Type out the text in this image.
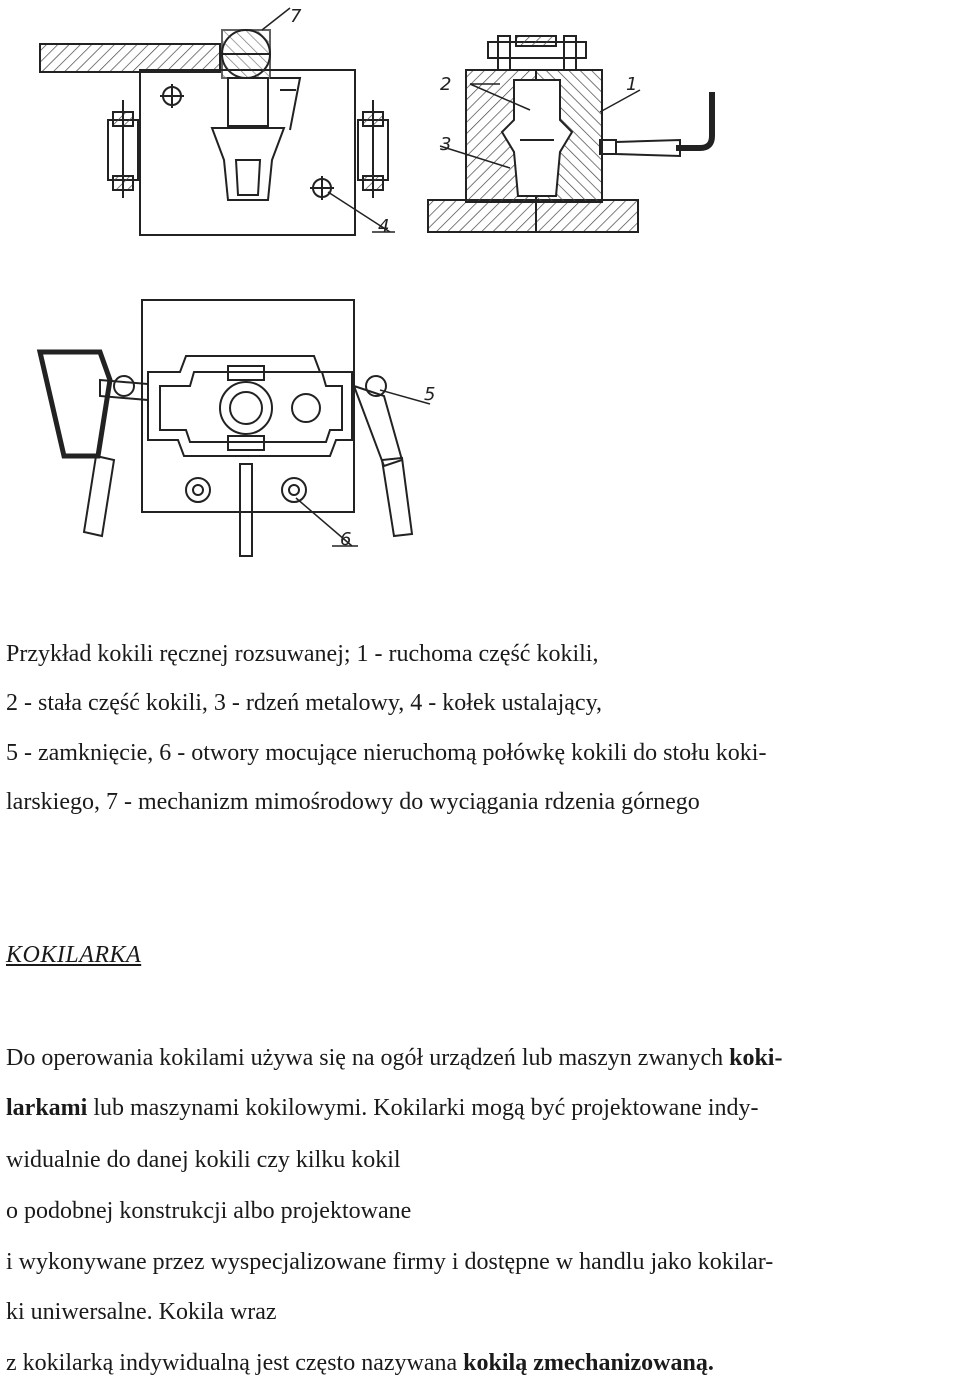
7
1
2
3
4
5
6
Przykład kokili ręcznej rozsuwanej; 1 - ruchoma część kokili,
2 - stała część kokili, 3 - rdzeń metalowy, 4 - kołek ustalający,
5 - zamknięcie, 6 - otwory mocujące nieruchomą połówkę kokili do stołu koki-
larskiego, 7 - mechanizm mimośrodowy do wyciągania rdzenia górnego
KOKILARKA
Do operowania kokilami używa się na ogół urządzeń lub maszyn zwanych koki-
larkami lub maszynami kokilowymi. Kokilarki mogą być projektowane indy-
widualnie do danej kokili czy kilku kokil
o podobnej konstrukcji albo projektowane
i wykonywane przez wyspecjalizowane firmy i dostępne w handlu jako kokilar-
ki uniwersalne. Kokila wraz
z kokilarką indywidualną jest często nazywana kokilą zmechanizowaną.
